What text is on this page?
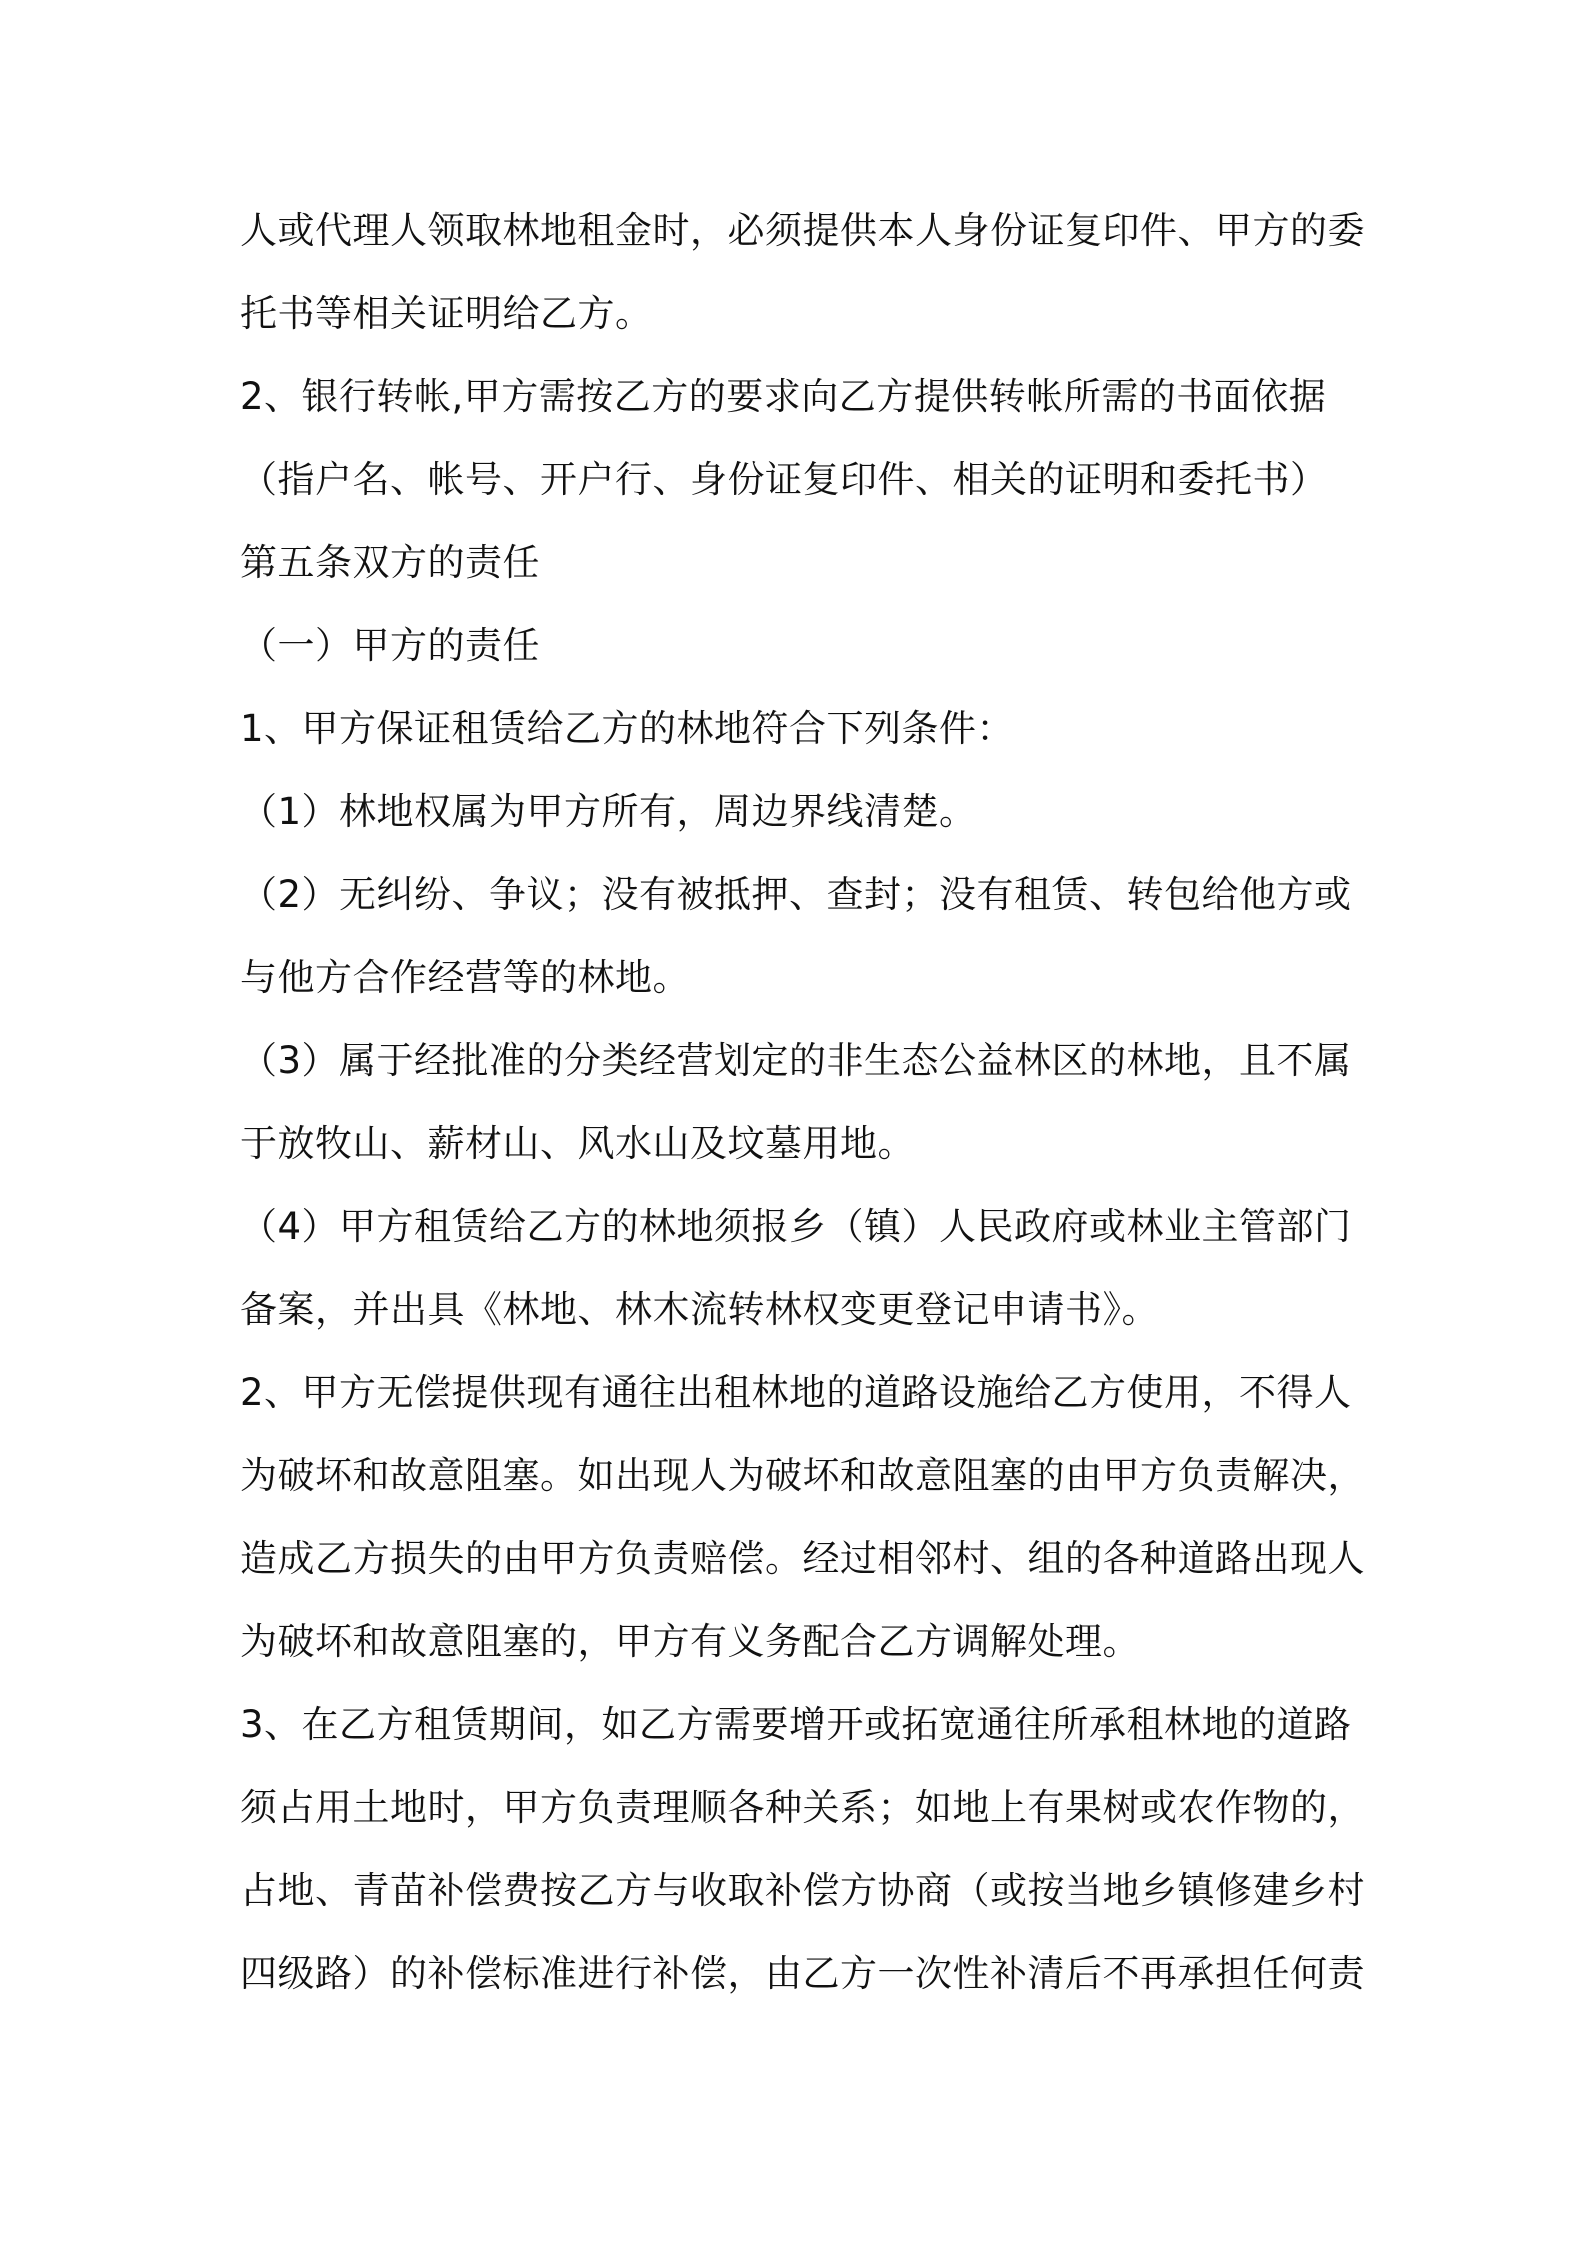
人或代理人领取林地租金时，必须提供本人身份证复印件、甲方的委
托书等相关证明给乙方。
2、银行转帐,甲方需按乙方的要求向乙方提供转帐所需的书面依据
（指户名、帐号、开户行、身份证复印件、相关的证明和委托书）
第五条双方的责任
（一）甲方的责任
1、甲方保证租赁给乙方的林地符合下列条件：
（1）林地权属为甲方所有，周边界线清楚。
（2）无纠纷、争议；没有被抵押、查封；没有租赁、转包给他方或
与他方合作经营等的林地。
（3）属于经批准的分类经营划定的非生态公益林区的林地，且不属
于放牧山、薪材山、风水山及坟墓用地。
（4）甲方租赁给乙方的林地须报乡（镇）人民政府或林业主管部门
备案，并出具《林地、林木流转林权变更登记申请书》。
2、甲方无偿提供现有通往出租林地的道路设施给乙方使用，不得人
为破坏和故意阻塞。如出现人为破坏和故意阻塞的由甲方负责解决，
造成乙方损失的由甲方负责赔偿。经过相邻村、组的各种道路出现人
为破坏和故意阻塞的，甲方有义务配合乙方调解处理。
3、在乙方租赁期间，如乙方需要增开或拓宽通往所承租林地的道路
须占用土地时，甲方负责理顺各种关系；如地上有果树或农作物的，
占地、青苗补偿费按乙方与收取补偿方协商（或按当地乡镇修建乡村
四级路）的补偿标准进行补偿，由乙方一次性补清后不再承担任何责
